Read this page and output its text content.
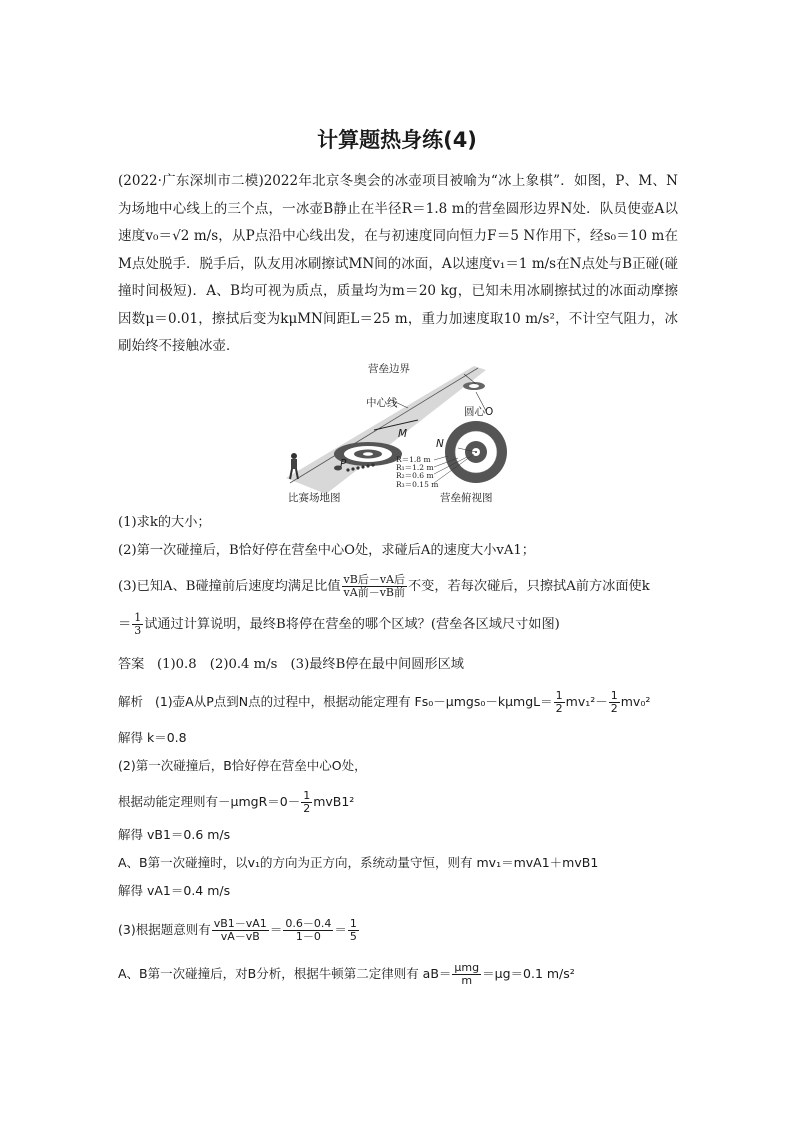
计算题热身练(4)
(2022·广东深圳市二模)2022年北京冬奥会的冰壶项目被喻为“冰上象棋”．如图，P、M、N为场地中心线上的三个点，一冰壶B静止在半径R＝1.8 m的营垒圆形边界N处．队员使壶A以速度v₀＝√2 m/s，从P点沿中心线出发，在与初速度同向恒力F＝5 N作用下，经s₀＝10 m在M点处脱手．脱手后，队友用冰刷擦试MN间的冰面，A以速度v₁＝1 m/s在N点处与B正碰(碰撞时间极短)．A、B均可视为质点，质量均为m＝20 kg，已知未用冰刷擦拭过的冰面动摩擦因数μ＝0.01，擦拭后变为kμMN间距L＝25 m，重力加速度取10 m/s²，不计空气阻力，冰刷始终不接触冰壶．
营垒边界
中心线
圆心O
M
N
P	R＝1.8 m
R₁＝1.2 m
R₂＝0.6 m
R₃＝0.15 m
比赛场地图	营垒俯视图
(1)求k的大小；
(2)第一次碰撞后，B恰好停在营垒中心O处，求碰后A的速度大小vA1；
(3)已知A、B碰撞前后速度均满足比值 $\frac{\text{vB后－vA后}}{\text{vA前－vB前}}$ 不变，若每次碰后，只擦拭A前方冰面使k
＝ $\frac{1}{3}$ 试通过计算说明，最终B将停在营垒的哪个区域？(营垒各区域尺寸如图)
答案 (1)0.8　(2)0.4 m/s　(3)最终B停在最中间圆形区域
解析 (1)壶A从P点到N点的过程中，根据动能定理有 $Fs_0-\mu mgs_0-k\mu mgL= \frac{1}{2} mv_1^2- \frac{1}{2} mv_0^2$
解得 k＝0.8
(2)第一次碰撞后，B恰好停在营垒中心O处，
根据动能定理则有$-\mu mgR=0- \frac{1}{2} mvB1^2$
解得 vB1＝0.6 m/s
A、B第一次碰撞时，以v₁的方向为正方向，系统动量守恒，则有 mv₁＝mvA1＋mvB1
解得 vA1＝0.4 m/s
(3)根据题意则有 $\frac{vB1-vA1}{vA-vB} = \frac{0.6-0.4}{1-0} = \frac{1}{5}$
A、B第一次碰撞后，对B分析，根据牛顿第二定律则有 $aB= \frac{\text{μmg}}{m} =\mu g=0.1$ m/s²
